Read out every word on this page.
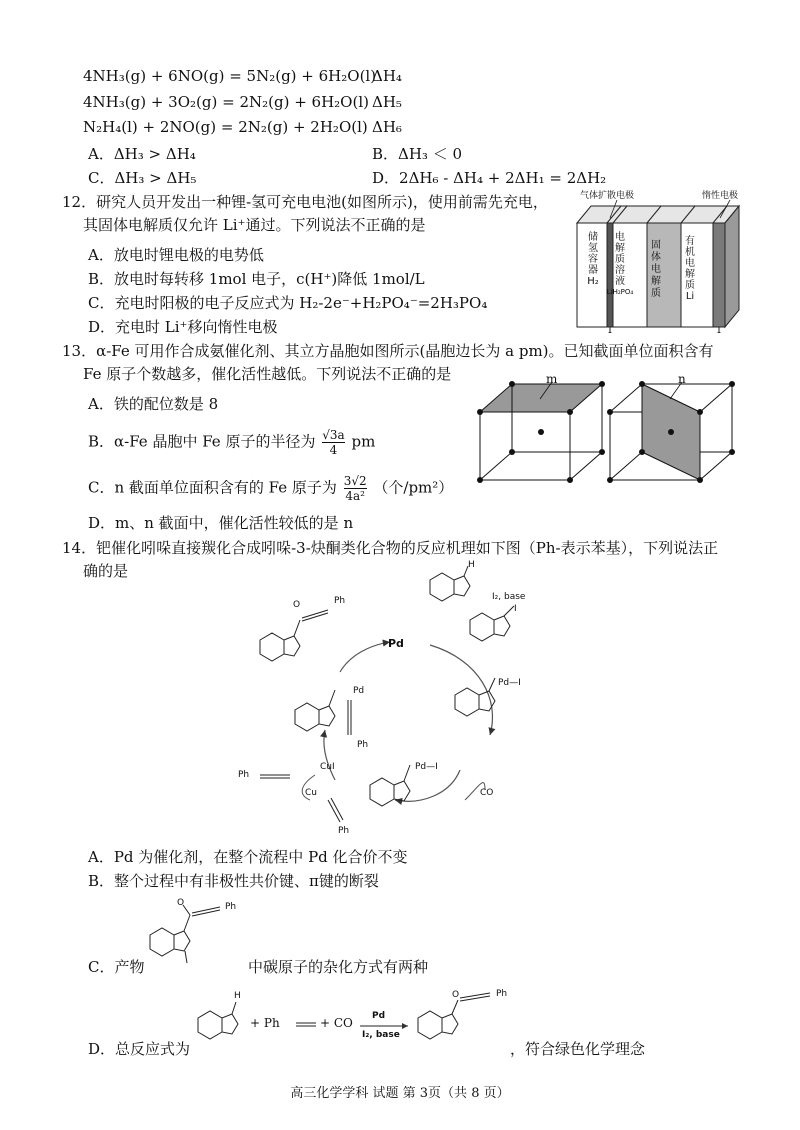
4NH₃(g) + 6NO(g) = 5N₂(g) + 6H₂O(l)
ΔH₄
4NH₃(g) + 3O₂(g) = 2N₂(g) + 6H₂O(l) ΔH₅
N₂H₄(l) + 2NO(g) = 2N₂(g) + 2H₂O(l) ΔH₆
A．ΔH₃ > ΔH₄	B．ΔH₃ ＜ 0
C．ΔH₃ > ΔH₅	D．2ΔH₆ - ΔH₄ + 2ΔH₁ = 2ΔH₂
12．研究人员开发出一种锂-氢可充电电池(如图所示)，使用前需先充电，
其固体电解质仅允许 Li⁺通过。下列说法不正确的是
A．放电时锂电极的电势低
B．放电时每转移 1mol 电子，c(H⁺)降低 1mol/L
C．充电时阳极的电子反应式为 H₂-2e⁻+H₂PO₄⁻=2H₃PO₄
D．充电时 Li⁺移向惰性电极
气体扩散电极	惰性电极
储
氢
容
器
H₂
电
解
质
溶
液
LiH₂PO₄
固
体
电
解
质
有
机
电
解
质
Li
13．α-Fe 可用作合成氨催化剂、其立方晶胞如图所示(晶胞边长为 a pm)。已知截面单位面积含有
Fe 原子个数越多，催化活性越低。下列说法不正确的是
A．铁的配位数是 8
B．α-Fe 晶胞中 Fe 原子的半径为 $\frac{√3a}{4}$ pm
C．n 截面单位面积含有的 Fe 原子为 $\frac{3√2}{\text{4a²}}$ （个/pm²）
D．m、n 截面中，催化活性较低的是 n
m	n
14．钯催化吲哚直接羰化合成吲哚-3-炔酮类化合物的反应机理如下图（Ph-表示苯基），下列说法正
确的是
Pd
I₂, base
I
H
Pd—I
Pd—I
CO
Pd
Ph
CuI
Ph
Cu
Ph
Ph
O
A．Pd 为催化剂，在整个流程中 Pd 化合价不变
B．整个过程中有非极性共价键、π键的断裂
O	Ph
C．产物	中碳原子的杂化方式有两种
H
+ Ph	+ CO Pd
I₂, base
O	Ph
D．总反应式为	，符合绿色化学理念
高三化学学科 试题 第 3页（共 8 页）
